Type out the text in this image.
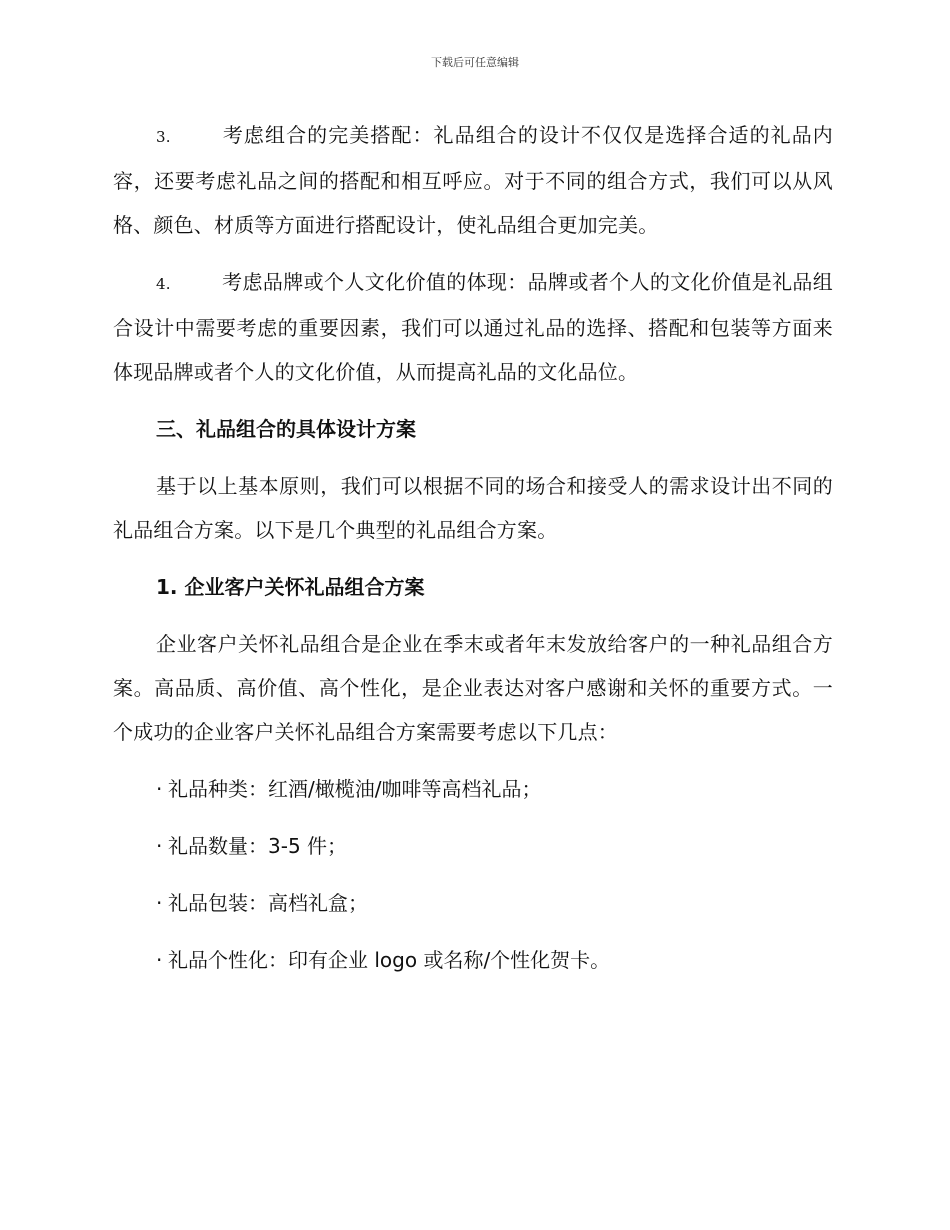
下载后可任意编辑

3.	考虑组合的完美搭配：礼品组合的设计不仅仅是选择合适的礼品内容，还要考虑礼品之间的搭配和相互呼应。对于不同的组合方式，我们可以从风格、颜色、材质等方面进行搭配设计，使礼品组合更加完美。

4.	考虑品牌或个人文化价值的体现：品牌或者个人的文化价值是礼品组合设计中需要考虑的重要因素，我们可以通过礼品的选择、搭配和包装等方面来体现品牌或者个人的文化价值，从而提高礼品的文化品位。

三、礼品组合的具体设计方案

基于以上基本原则，我们可以根据不同的场合和接受人的需求设计出不同的礼品组合方案。以下是几个典型的礼品组合方案。

1. 企业客户关怀礼品组合方案

企业客户关怀礼品组合是企业在季末或者年末发放给客户的一种礼品组合方案。高品质、高价值、高个性化，是企业表达对客户感谢和关怀的重要方式。一个成功的企业客户关怀礼品组合方案需要考虑以下几点：

· 礼品种类：红酒/橄榄油/咖啡等高档礼品；
· 礼品数量：3-5 件；
· 礼品包装：高档礼盒；
· 礼品个性化：印有企业 logo 或名称/个性化贺卡。
